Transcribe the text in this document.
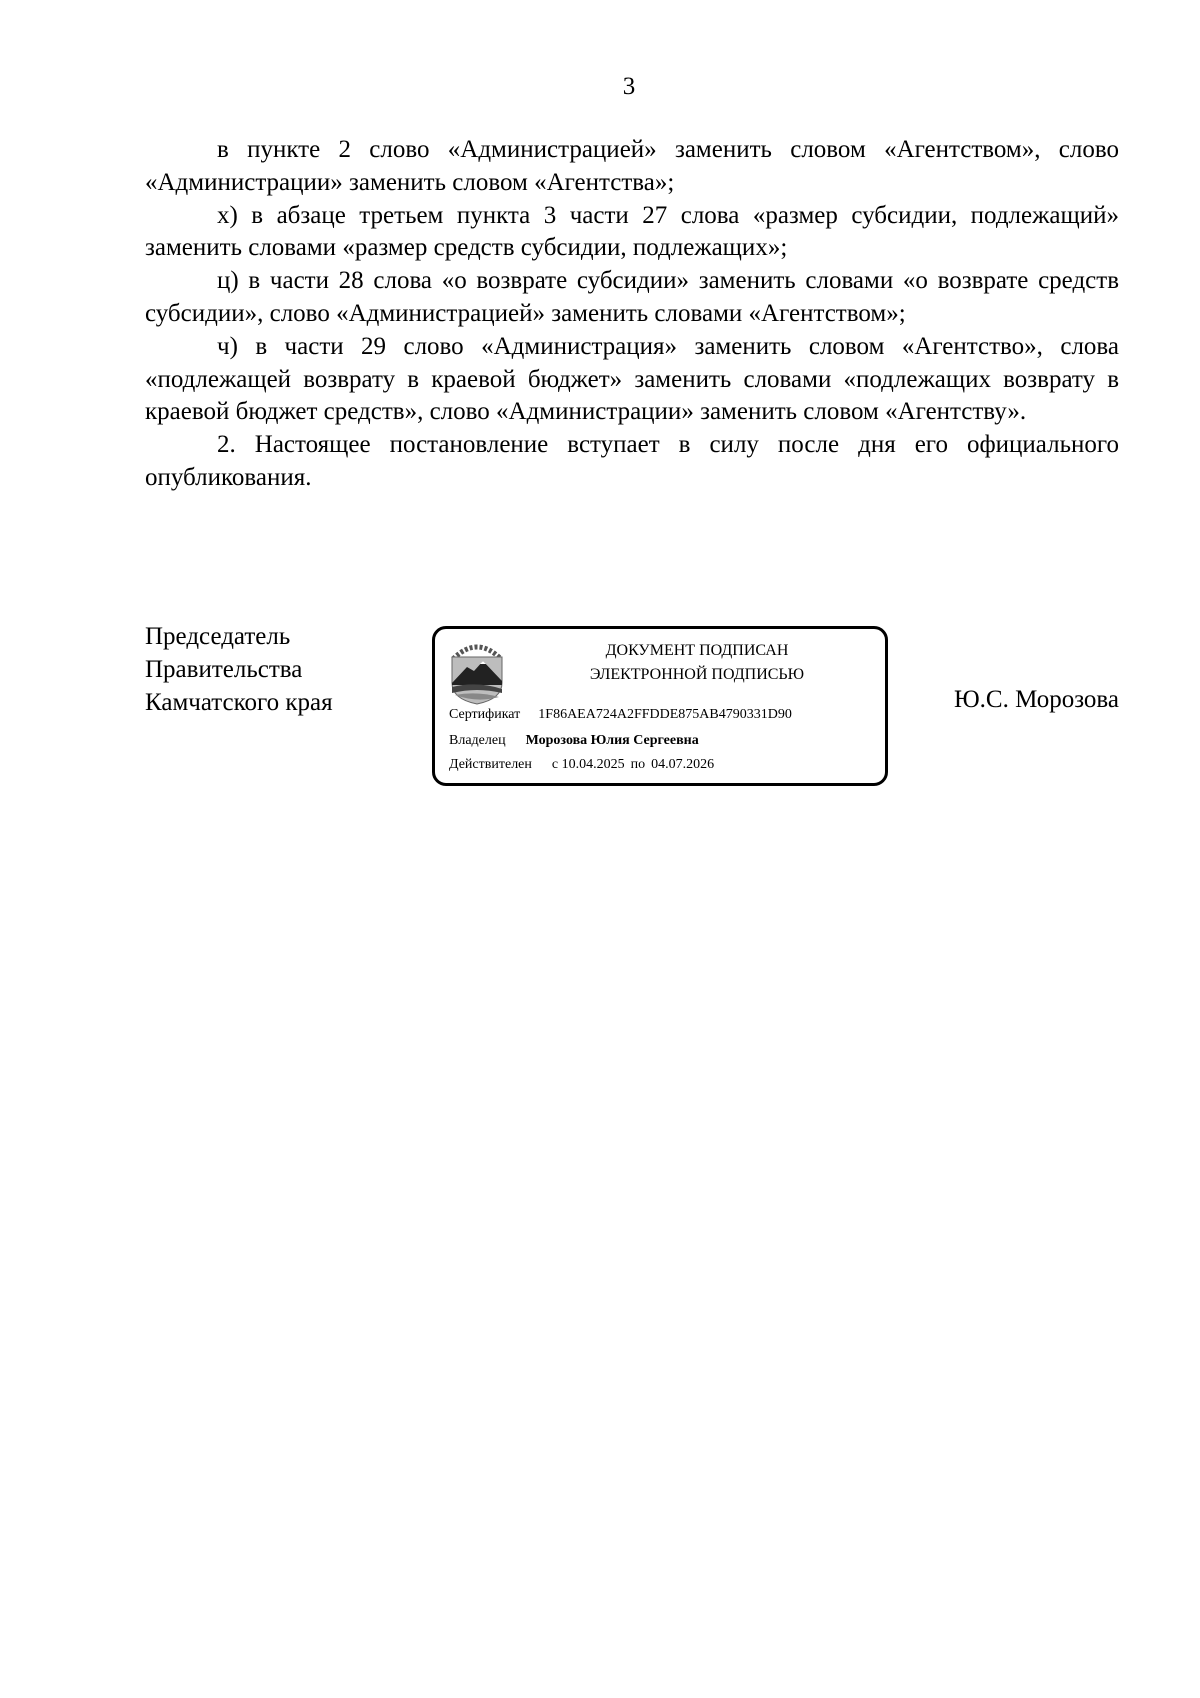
3

в пункте 2 слово «Администрацией» заменить словом «Агентством», слово «Администрации» заменить словом «Агентства»;

х) в абзаце третьем пункта 3 части 27 слова «размер субсидии, подлежащий» заменить словами «размер средств субсидии, подлежащих»;

ц) в части 28 слова «о возврате субсидии» заменить словами «о возврате средств субсидии», слово «Администрацией» заменить словами «Агентством»;

ч) в части 29 слово «Администрация» заменить словом «Агентство», слова «подлежащей возврату в краевой бюджет» заменить словами «подлежащих возврату в краевой бюджет средств», слово «Администрации» заменить словом «Агентству».

2. Настоящее постановление вступает в силу после дня его официального опубликования.

Председатель
Правительства
Камчатского края
ДОКУМЕНТ ПОДПИСАН
ЭЛЕКТРОННОЙ ПОДПИСЬЮ
Сертификат 1F86AEA724A2FFDDE875AB4790331D90
Владелец Морозова Юлия Сергеевна
Действителен с 10.04.2025 по 04.07.2026
Ю.С. Морозова
